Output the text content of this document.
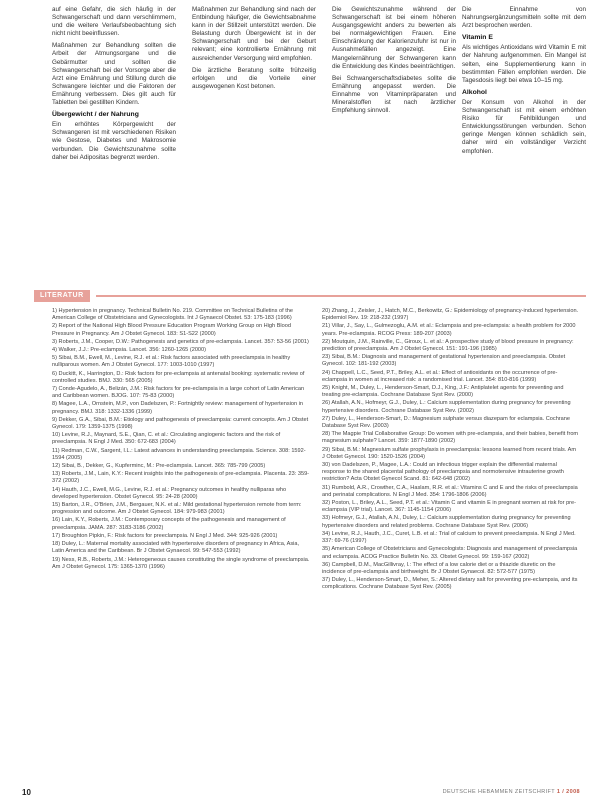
auf eine Gefahr, die sich häufig in der Schwangerschaft und dann verschlimmern, und die weitere Verlaufsbeobachtung sich nicht nicht beeinflussen.

Maßnahmen zur Behandlung sollten die Arbeit der Atmungsorgane und die Gebärmutter und sollten die Schwangerschaft bei der Vorsorge aber die Arzt eine Ernährung und Stillung durch die Schwangere leichter und die Faktoren der Ernährung verbessern. Dies gilt auch für Tabletten bei gestillten Kindern.

Übergewicht / der Nahrung

Ein erhöhtes Körpergewicht der Schwangeren ist mit verschiedenen Risiken wie Gestose, Diabetes und Makrosomie verbunden. Die Gewichtszunahme sollte daher bei Adipositas begrenzt werden.

Maßnahmen zur Behandlung sind nach der Entbindung häufiger, die Gewichtsabnahme kann in der Stillzeit unterstützt werden. Die Belastung durch Übergewicht ist in der Schwangerschaft und bei der Geburt relevant; eine kontrollierte Ernährung mit ausreichender Versorgung wird empfohlen.

Die ärztliche Beratung sollte frühzeitig erfolgen und die Vorteile einer ausgewogenen Kost betonen.

Die Gewichtszunahme während der Schwangerschaft ist bei einem höheren Ausgangsgewicht anders zu bewerten als bei normalgewichtigen Frauen. Eine Einschränkung der Kalorienzufuhr ist nur in Ausnahmefällen angezeigt. Eine Mangelernährung der Schwangeren kann die Entwicklung des Kindes beeinträchtigen.

Bei Schwangerschaftsdiabetes sollte die Ernährung angepasst werden. Die Einnahme von Vitaminpräparaten und Mineralstoffen ist nach ärztlicher Empfehlung sinnvoll.

Die Einnahme von Nahrungsergänzungsmitteln sollte mit dem Arzt besprochen werden.

Vitamin E

Als wichtiges Antioxidans wird Vitamin E mit der Nahrung aufgenommen. Ein Mangel ist selten, eine Supplementierung kann in bestimmten Fällen empfohlen werden. Die Tagesdosis liegt bei etwa 10–15 mg.

Alkohol

Der Konsum von Alkohol in der Schwangerschaft ist mit einem erhöhten Risiko für Fehlbildungen und Entwicklungsstörungen verbunden. Schon geringe Mengen können schädlich sein, daher wird ein vollständiger Verzicht empfohlen.

LITERATUR
1) Hypertension in pregnancy. Technical Bulletin No. 219. Committee on Technical Bulletins of the American College of Obstetricians and Gynecologists. Int J Gynaecol Obstet. 53: 175-183 (1996)
2) Report of the National High Blood Pressure Education Program Working Group on High Blood Pressure in Pregnancy. Am J Obstet Gynecol. 183: S1-S22 (2000)
3) Roberts, J.M., Cooper, D.W.: Pathogenesis and genetics of pre-eclampsia. Lancet. 357: 53-56 (2001)
4) Walker, J.J.: Pre-eclampsia. Lancet. 356: 1260-1265 (2000)
5) Sibai, B.M., Ewell, M., Levine, R.J. et al.: Risk factors associated with preeclampsia in healthy nulliparous women. Am J Obstet Gynecol. 177: 1003-1010 (1997)
6) Duckitt, K., Harrington, D.: Risk factors for pre-eclampsia at antenatal booking: systematic review of controlled studies. BMJ. 330: 565 (2005)
7) Conde-Agudelo, A., Belizán, J.M.: Risk factors for pre-eclampsia in a large cohort of Latin American and Caribbean women. BJOG. 107: 75-83 (2000)
8) Magee, L.A., Ornstein, M.P., von Dadelszen, P.: Fortnightly review: management of hypertension in pregnancy. BMJ. 318: 1332-1336 (1999)
9) Dekker, G.A., Sibai, B.M.: Etiology and pathogenesis of preeclampsia: current concepts. Am J Obstet Gynecol. 179: 1359-1375 (1998)
10) Levine, R.J., Maynard, S.E., Qian, C. et al.: Circulating angiogenic factors and the risk of preeclampsia. N Engl J Med. 350: 672-683 (2004)
11) Redman, C.W., Sargent, I.L.: Latest advances in understanding preeclampsia. Science. 308: 1592-1594 (2005)
12) Sibai, B., Dekker, G., Kupferminc, M.: Pre-eclampsia. Lancet. 365: 785-799 (2005)
13) Roberts, J.M., Lain, K.Y.: Recent insights into the pathogenesis of pre-eclampsia. Placenta. 23: 359-372 (2002)
14) Hauth, J.C., Ewell, M.G., Levine, R.J. et al.: Pregnancy outcomes in healthy nulliparas who developed hypertension. Obstet Gynecol. 95: 24-28 (2000)
15) Barton, J.R., O'Brien, J.M., Bergauer, N.K. et al.: Mild gestational hypertension remote from term: progression and outcome. Am J Obstet Gynecol. 184: 979-983 (2001)
16) Lain, K.Y., Roberts, J.M.: Contemporary concepts of the pathogenesis and management of preeclampsia. JAMA. 287: 3183-3186 (2002)
17) Broughton Pipkin, F.: Risk factors for preeclampsia. N Engl J Med. 344: 925-926 (2001)
18) Duley, L.: Maternal mortality associated with hypertensive disorders of pregnancy in Africa, Asia, Latin America and the Caribbean. Br J Obstet Gynaecol. 99: 547-553 (1992)
19) Ness, R.B., Roberts, J.M.: Heterogeneous causes constituting the single syndrome of preeclampsia. Am J Obstet Gynecol. 175: 1365-1370 (1996)
20) Zhang, J., Zeisler, J., Hatch, M.C., Berkowitz, G.: Epidemiology of pregnancy-induced hypertension. Epidemiol Rev. 19: 218-232 (1997)
21) Villar, J., Say, L., Gulmezoglu, A.M. et al.: Eclampsia and pre-eclampsia: a health problem for 2000 years. Pre-eclampsia. RCOG Press: 189-207 (2003)
22) Moutquin, J.M., Rainville, C., Giroux, L. et al.: A prospective study of blood pressure in pregnancy: prediction of preeclampsia. Am J Obstet Gynecol. 151: 191-196 (1985)
23) Sibai, B.M.: Diagnosis and management of gestational hypertension and preeclampsia. Obstet Gynecol. 102: 181-192 (2003)
24) Chappell, L.C., Seed, P.T., Briley, A.L. et al.: Effect of antioxidants on the occurrence of pre-eclampsia in women at increased risk: a randomised trial. Lancet. 354: 810-816 (1999)
25) Knight, M., Duley, L., Henderson-Smart, D.J., King, J.F.: Antiplatelet agents for preventing and treating pre-eclampsia. Cochrane Database Syst Rev. (2000)
26) Atallah, A.N., Hofmeyr, G.J., Duley, L.: Calcium supplementation during pregnancy for preventing hypertensive disorders. Cochrane Database Syst Rev. (2002)
27) Duley, L., Henderson-Smart, D.: Magnesium sulphate versus diazepam for eclampsia. Cochrane Database Syst Rev. (2003)
28) The Magpie Trial Collaborative Group: Do women with pre-eclampsia, and their babies, benefit from magnesium sulphate? Lancet. 359: 1877-1890 (2002)
29) Sibai, B.M.: Magnesium sulfate prophylaxis in preeclampsia: lessons learned from recent trials. Am J Obstet Gynecol. 190: 1520-1526 (2004)
30) von Dadelszen, P., Magee, L.A.: Could an infectious trigger explain the differential maternal response to the shared placental pathology of preeclampsia and normotensive intrauterine growth restriction? Acta Obstet Gynecol Scand. 81: 642-648 (2002)
31) Rumbold, A.R., Crowther, C.A., Haslam, R.R. et al.: Vitamins C and E and the risks of preeclampsia and perinatal complications. N Engl J Med. 354: 1796-1806 (2006)
32) Poston, L., Briley, A.L., Seed, P.T. et al.: Vitamin C and vitamin E in pregnant women at risk for pre-eclampsia (VIP trial). Lancet. 367: 1145-1154 (2006)
33) Hofmeyr, G.J., Atallah, A.N., Duley, L.: Calcium supplementation during pregnancy for preventing hypertensive disorders and related problems. Cochrane Database Syst Rev. (2006)
34) Levine, R.J., Hauth, J.C., Curet, L.B. et al.: Trial of calcium to prevent preeclampsia. N Engl J Med. 337: 69-76 (1997)
35) American College of Obstetricians and Gynecologists: Diagnosis and management of preeclampsia and eclampsia. ACOG Practice Bulletin No. 33. Obstet Gynecol. 99: 159-167 (2002)
36) Campbell, D.M., MacGillivray, I.: The effect of a low calorie diet or a thiazide diuretic on the incidence of pre-eclampsia and birthweight. Br J Obstet Gynaecol. 82: 572-577 (1975)
37) Duley, L., Henderson-Smart, D., Meher, S.: Altered dietary salt for preventing pre-eclampsia, and its complications. Cochrane Database Syst Rev. (2005)
10	DEUTSCHE HEBAMMEN ZEITSCHRIFT 1 / 2008
